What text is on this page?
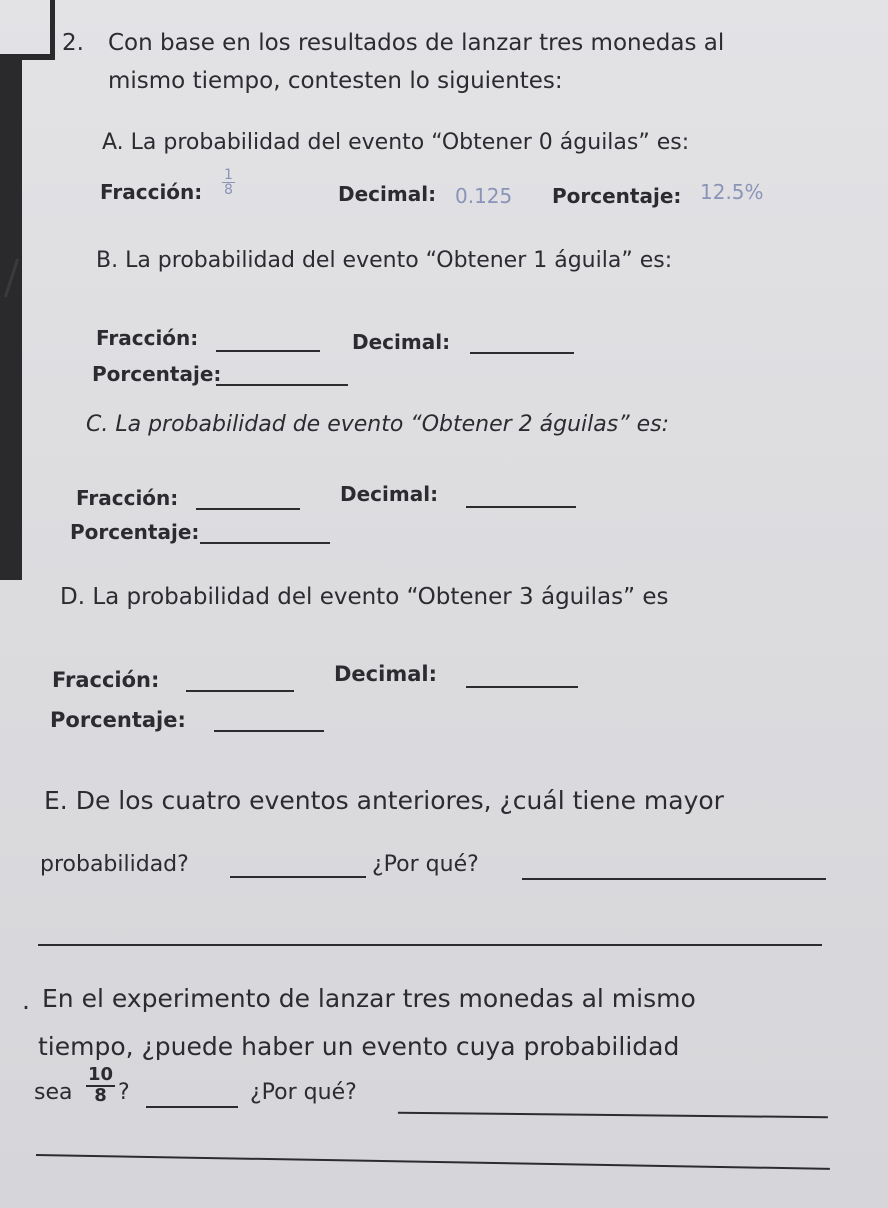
2. Con base en los resultados de lanzar tres monedas al
mismo tiempo, contesten lo siguientes:
A. La probabilidad del evento “Obtener 0 águilas” es:
Fracción: $\frac{1}{8}$	Decimal: 0.125 Porcentaje: 12.5%
B. La probabilidad del evento “Obtener 1 águila” es:
Fracción:	Decimal:
Porcentaje:
C. La probabilidad de evento “Obtener 2 águilas” es:
Fracción:	Decimal:
Porcentaje:
D. La probabilidad del evento “Obtener 3 águilas” es
Fracción:	Decimal:
Porcentaje:
E. De los cuatro eventos anteriores, ¿cuál tiene mayor
probabilidad?	¿Por qué?
. En el experimento de lanzar tres monedas al mismo
tiempo, ¿puede haber un evento cuya probabilidad
sea $\frac{10}{8}$ ?	¿Por qué?
